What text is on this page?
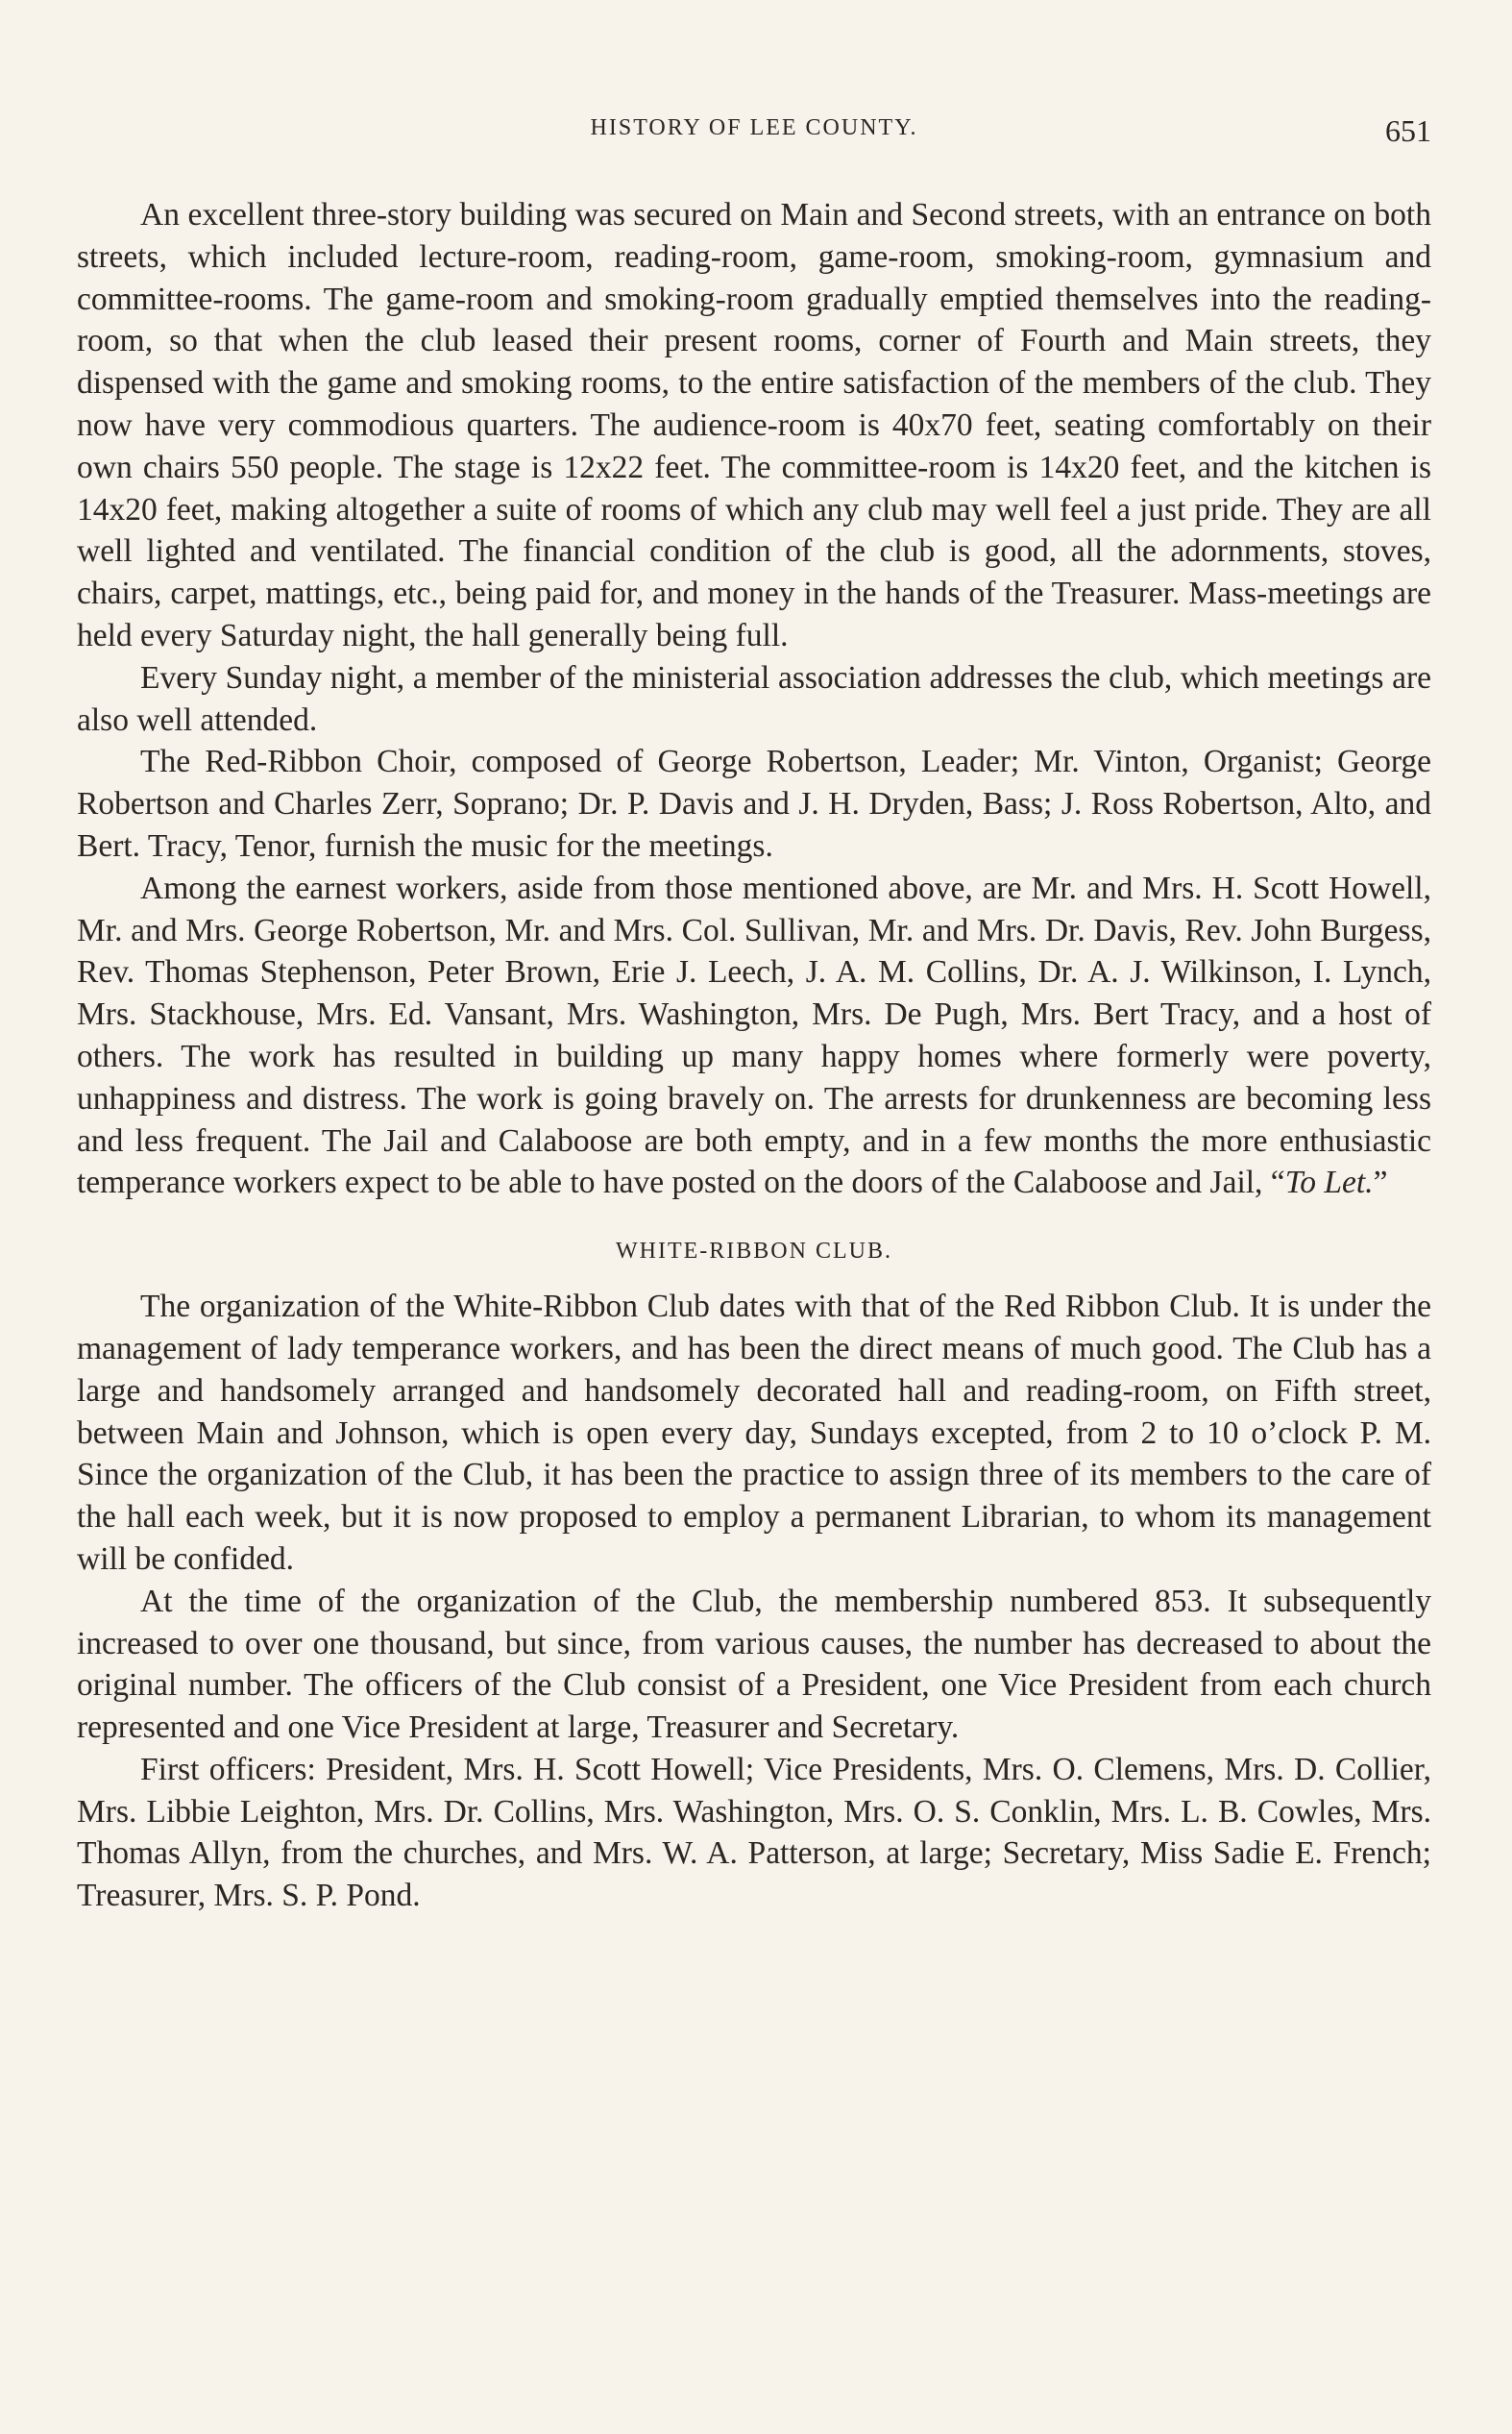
HISTORY OF LEE COUNTY.	651

An excellent three-story building was secured on Main and Second streets, with an entrance on both streets, which included lecture-room, reading-room, game-room, smoking-room, gymnasium and committee-rooms. The game-room and smoking-room gradually emptied themselves into the reading-room, so that when the club leased their present rooms, corner of Fourth and Main streets, they dispensed with the game and smoking rooms, to the entire satisfaction of the members of the club. They now have very commodious quarters. The audience-room is 40x70 feet, seating comfortably on their own chairs 550 people. The stage is 12x22 feet. The committee-room is 14x20 feet, and the kitchen is 14x20 feet, making altogether a suite of rooms of which any club may well feel a just pride. They are all well lighted and ventilated. The financial condition of the club is good, all the adornments, stoves, chairs, carpet, mattings, etc., being paid for, and money in the hands of the Treasurer. Mass-meetings are held every Saturday night, the hall generally being full.

Every Sunday night, a member of the ministerial association addresses the club, which meetings are also well attended.

The Red-Ribbon Choir, composed of George Robertson, Leader; Mr. Vinton, Organist; George Robertson and Charles Zerr, Soprano; Dr. P. Davis and J. H. Dryden, Bass; J. Ross Robertson, Alto, and Bert. Tracy, Tenor, furnish the music for the meetings.

Among the earnest workers, aside from those mentioned above, are Mr. and Mrs. H. Scott Howell, Mr. and Mrs. George Robertson, Mr. and Mrs. Col. Sullivan, Mr. and Mrs. Dr. Davis, Rev. John Burgess, Rev. Thomas Stephenson, Peter Brown, Erie J. Leech, J. A. M. Collins, Dr. A. J. Wilkinson, I. Lynch, Mrs. Stackhouse, Mrs. Ed. Vansant, Mrs. Washington, Mrs. De Pugh, Mrs. Bert Tracy, and a host of others. The work has resulted in building up many happy homes where formerly were poverty, unhappiness and distress. The work is going bravely on. The arrests for drunkenness are becoming less and less frequent. The Jail and Calaboose are both empty, and in a few months the more enthusiastic temperance workers expect to be able to have posted on the doors of the Calaboose and Jail, “To Let.”

WHITE-RIBBON CLUB.

The organization of the White-Ribbon Club dates with that of the Red Ribbon Club. It is under the management of lady temperance workers, and has been the direct means of much good. The Club has a large and handsomely arranged and handsomely decorated hall and reading-room, on Fifth street, between Main and Johnson, which is open every day, Sundays excepted, from 2 to 10 o’clock P. M. Since the organization of the Club, it has been the practice to assign three of its members to the care of the hall each week, but it is now proposed to employ a permanent Librarian, to whom its management will be confided.

At the time of the organization of the Club, the membership numbered 853. It subsequently increased to over one thousand, but since, from various causes, the number has decreased to about the original number. The officers of the Club consist of a President, one Vice President from each church represented and one Vice President at large, Treasurer and Secretary.

First officers: President, Mrs. H. Scott Howell; Vice Presidents, Mrs. O. Clemens, Mrs. D. Collier, Mrs. Libbie Leighton, Mrs. Dr. Collins, Mrs. Washington, Mrs. O. S. Conklin, Mrs. L. B. Cowles, Mrs. Thomas Allyn, from the churches, and Mrs. W. A. Patterson, at large; Secretary, Miss Sadie E. French; Treasurer, Mrs. S. P. Pond.
